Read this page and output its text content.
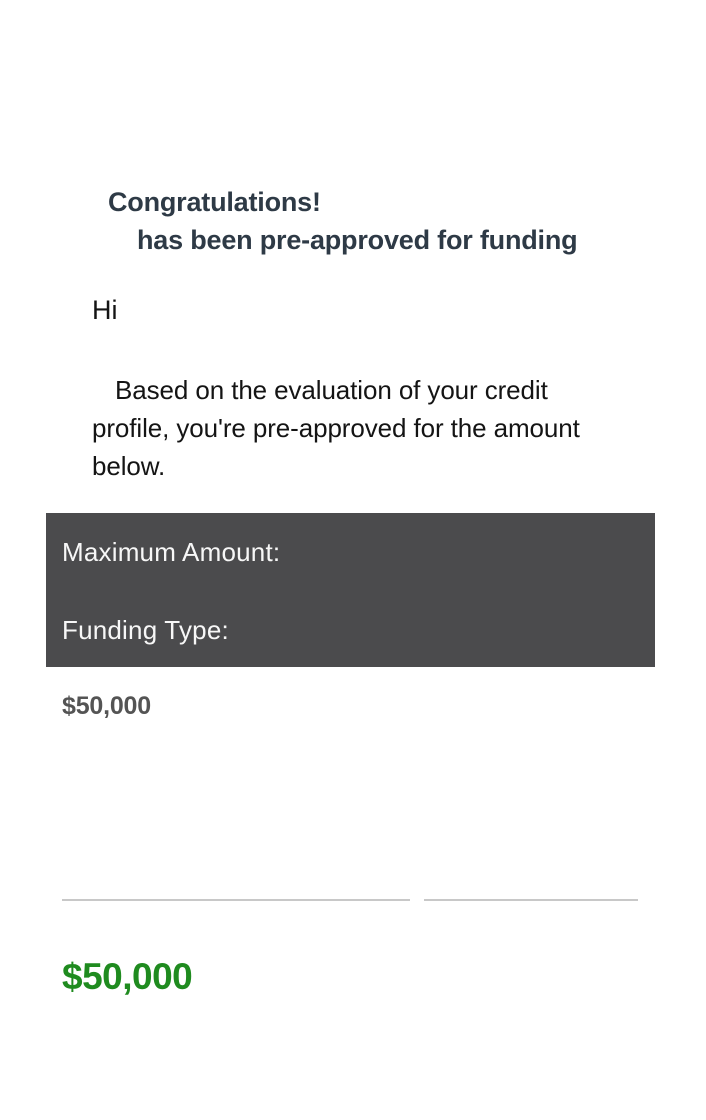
Congratulations!
has been pre-approved for funding
Hi
Based on the evaluation of your credit
profile, you're pre-approved for the amount
below.
Maximum Amount:
Funding Type:
$50,000
$50,000
